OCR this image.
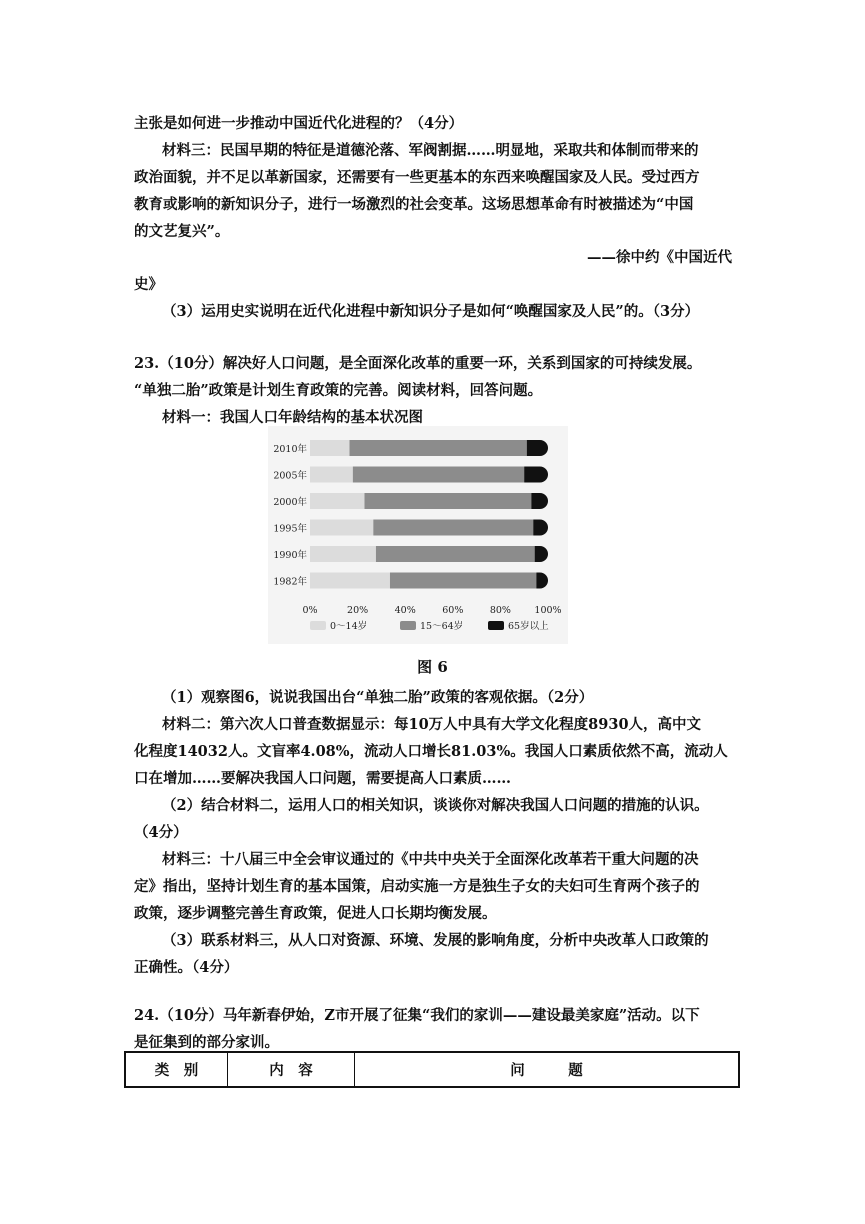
主张是如何进一步推动中国近代化进程的？（4分）
材料三：民国早期的特征是道德沦落、军阀割据……明显地，采取共和体制而带来的
政治面貌，并不足以革新国家，还需要有一些更基本的东西来唤醒国家及人民。受过西方
教育或影响的新知识分子，进行一场激烈的社会变革。这场思想革命有时被描述为“中国
的文艺复兴”。
——徐中约《中国近代
史》
（3）运用史实说明在近代化进程中新知识分子是如何“唤醒国家及人民”的。（3分）
23.（10分）解决好人口问题，是全面深化改革的重要一环，关系到国家的可持续发展。
“单独二胎”政策是计划生育政策的完善。阅读材料，回答问题。
材料一：我国人口年龄结构的基本状况图
2010年
2005年
2000年
1995年
1990年
1982年
0%	20%	40%	60%	80% 100%
0～14岁	15～64岁	65岁以上
图 6
（1）观察图6，说说我国出台“单独二胎”政策的客观依据。（2分）
材料二：第六次人口普查数据显示：每10万人中具有大学文化程度8930人，高中文
化程度14032人。文盲率4.08%，流动人口增长81.03%。我国人口素质依然不高，流动人
口在增加……要解决我国人口问题，需要提高人口素质……
（2）结合材料二，运用人口的相关知识，谈谈你对解决我国人口问题的措施的认识。
（4分）
材料三：十八届三中全会审议通过的《中共中央关于全面深化改革若干重大问题的决
定》指出，坚持计划生育的基本国策，启动实施一方是独生子女的夫妇可生育两个孩子的
政策，逐步调整完善生育政策，促进人口长期均衡发展。
（3）联系材料三，从人口对资源、环境、发展的影响角度，分析中央改革人口政策的
正确性。（4分）
24.（10分）马年新春伊始，Z市开展了征集“我们的家训——建设最美家庭”活动。以下
是征集到的部分家训。
类　别	内　容	问　　　题
